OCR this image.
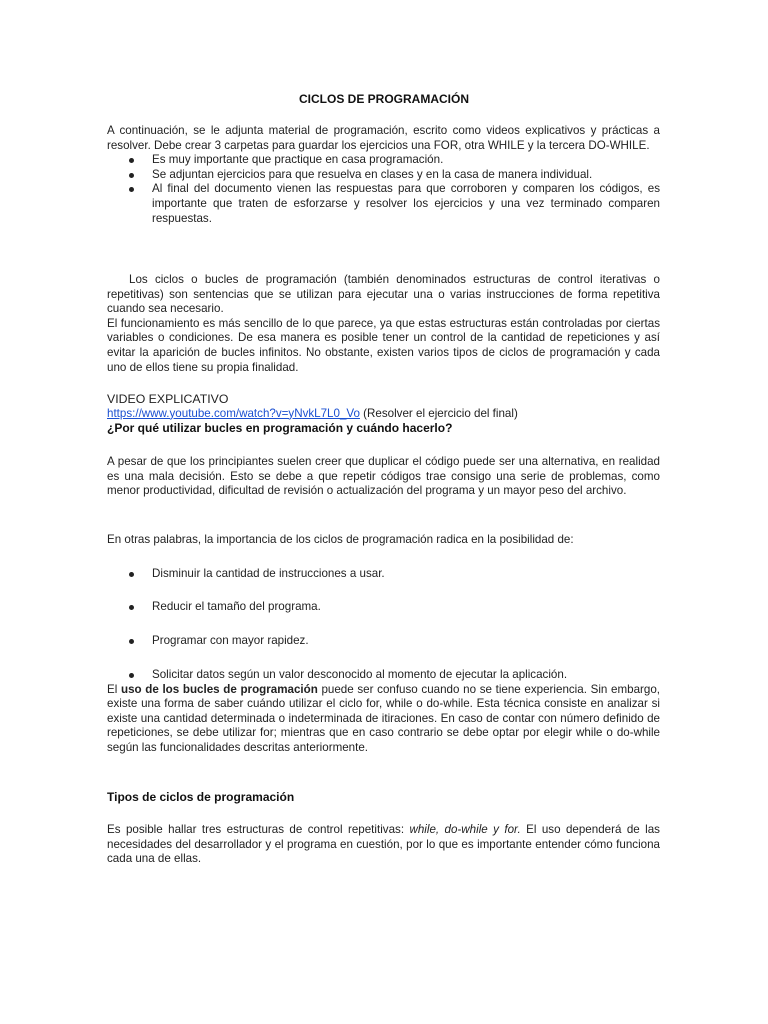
CICLOS DE PROGRAMACIÓN

A continuación, se le adjunta material de programación, escrito como videos explicativos y prácticas a resolver. Debe crear 3 carpetas para guardar los ejercicios una FOR, otra WHILE y la tercera DO-WHILE.

Es muy importante que practique en casa programación.
Se adjuntan ejercicios para que resuelva en clases y en la casa de manera individual.
Al final del documento vienen las respuestas para que corroboren y comparen los códigos, es importante que traten de esforzarse y resolver los ejercicios y una vez terminado comparen respuestas.

Los ciclos o bucles de programación (también denominados estructuras de control iterativas o repetitivas) son sentencias que se utilizan para ejecutar una o varias instrucciones de forma repetitiva cuando sea necesario.

El funcionamiento es más sencillo de lo que parece, ya que estas estructuras están controladas por ciertas variables o condiciones. De esa manera es posible tener un control de la cantidad de repeticiones y así evitar la aparición de bucles infinitos. No obstante, existen varios tipos de ciclos de programación y cada uno de ellos tiene su propia finalidad.

VIDEO EXPLICATIVO
https://www.youtube.com/watch?v=yNvkL7L0_Vo (Resolver el ejercicio del final)
¿Por qué utilizar bucles en programación y cuándo hacerlo?

A pesar de que los principiantes suelen creer que duplicar el código puede ser una alternativa, en realidad es una mala decisión. Esto se debe a que repetir códigos trae consigo una serie de problemas, como menor productividad, dificultad de revisión o actualización del programa y un mayor peso del archivo.

En otras palabras, la importancia de los ciclos de programación radica en la posibilidad de:

Disminuir la cantidad de instrucciones a usar.
Reducir el tamaño del programa.
Programar con mayor rapidez.
Solicitar datos según un valor desconocido al momento de ejecutar la aplicación.

El uso de los bucles de programación puede ser confuso cuando no se tiene experiencia. Sin embargo, existe una forma de saber cuándo utilizar el ciclo for, while o do-while. Esta técnica consiste en analizar si existe una cantidad determinada o indeterminada de itiraciones. En caso de contar con número definido de repeticiones, se debe utilizar for; mientras que en caso contrario se debe optar por elegir while o do-while según las funcionalidades descritas anteriormente.

Tipos de ciclos de programación

Es posible hallar tres estructuras de control repetitivas: while, do-while y for. El uso dependerá de las necesidades del desarrollador y el programa en cuestión, por lo que es importante entender cómo funciona cada una de ellas.
